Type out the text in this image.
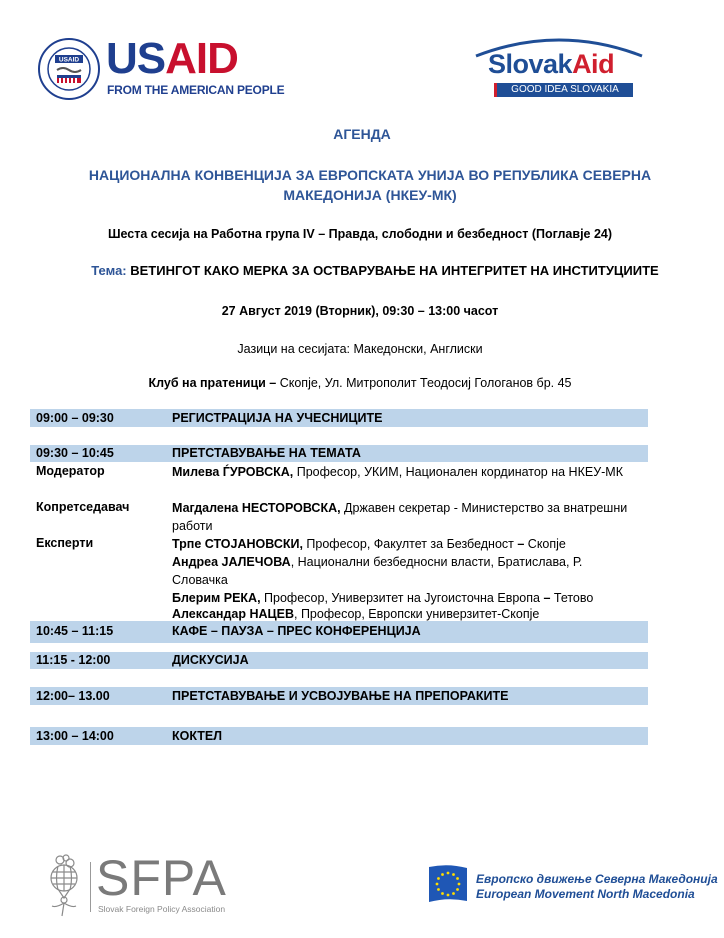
USAID USAID
FROM THE AMERICAN PEOPLE
SlovakAid
GOOD IDEA SLOVAKIA
АГЕНДА
НАЦИОНАЛНА КОНВЕНЦИЈА ЗА ЕВРОПСКАТА УНИЈА ВО РЕПУБЛИКА СЕВЕРНА МАКЕДОНИЈА (НКЕУ-МК)
Шеста сесија на Работна група IV – Правда, слободни и безбедност (Поглавје 24)
Тема: ВЕТИНГОТ КАКО МЕРКА ЗА ОСТВАРУВАЊЕ НА ИНТЕГРИТЕТ НА ИНСТИТУЦИИТЕ
27 Август 2019 (Вторник), 09:30 – 13:00 часот
Јазици на сесијата: Македонски, Англиски
Клуб на пратеници – Скопје, Ул. Митрополит Теодосиј Гологанов бр. 45
09:00 – 09:30	РЕГИСТРАЦИЈА НА УЧЕСНИЦИТЕ
09:30 – 10:45	ПРЕТСТАВУВАЊЕ НА ТЕМАТА
Модератор	Милева ЃУРОВСКА, Професор, УКИМ, Национален кординатор на НКЕУ-МК
Копретседавач	Магдалена НЕСТОРОВСКА, Државен секретар - Министерство за внатрешни работи
Експерти	Трпе СТОЈАНОВСКИ, Професор, Факултет за Безбедност – Скопје
Андреа ЈАЛЕЧОВА, Национални безбедносни власти, Братислава, Р. Словачка
Блерим РЕКА, Професор, Универзитет на Југоисточна Европа – Тетово
Александар НАЦЕВ, Професор, Европски универзитет-Скопје
10:45 – 11:15	КАФЕ – ПАУЗА – ПРЕС КОНФЕРЕНЦИЈА
11:15 - 12:00	ДИСКУСИЈА
12:00– 13.00	ПРЕТСТАВУВАЊЕ И УСВОЈУВАЊЕ НА ПРЕПОРАКИТЕ
13:00 – 14:00	КОКТЕЛ
SFPA
Slovak Foreign Policy Association
Европско движење Северна Македонија
European Movement North Macedonia
